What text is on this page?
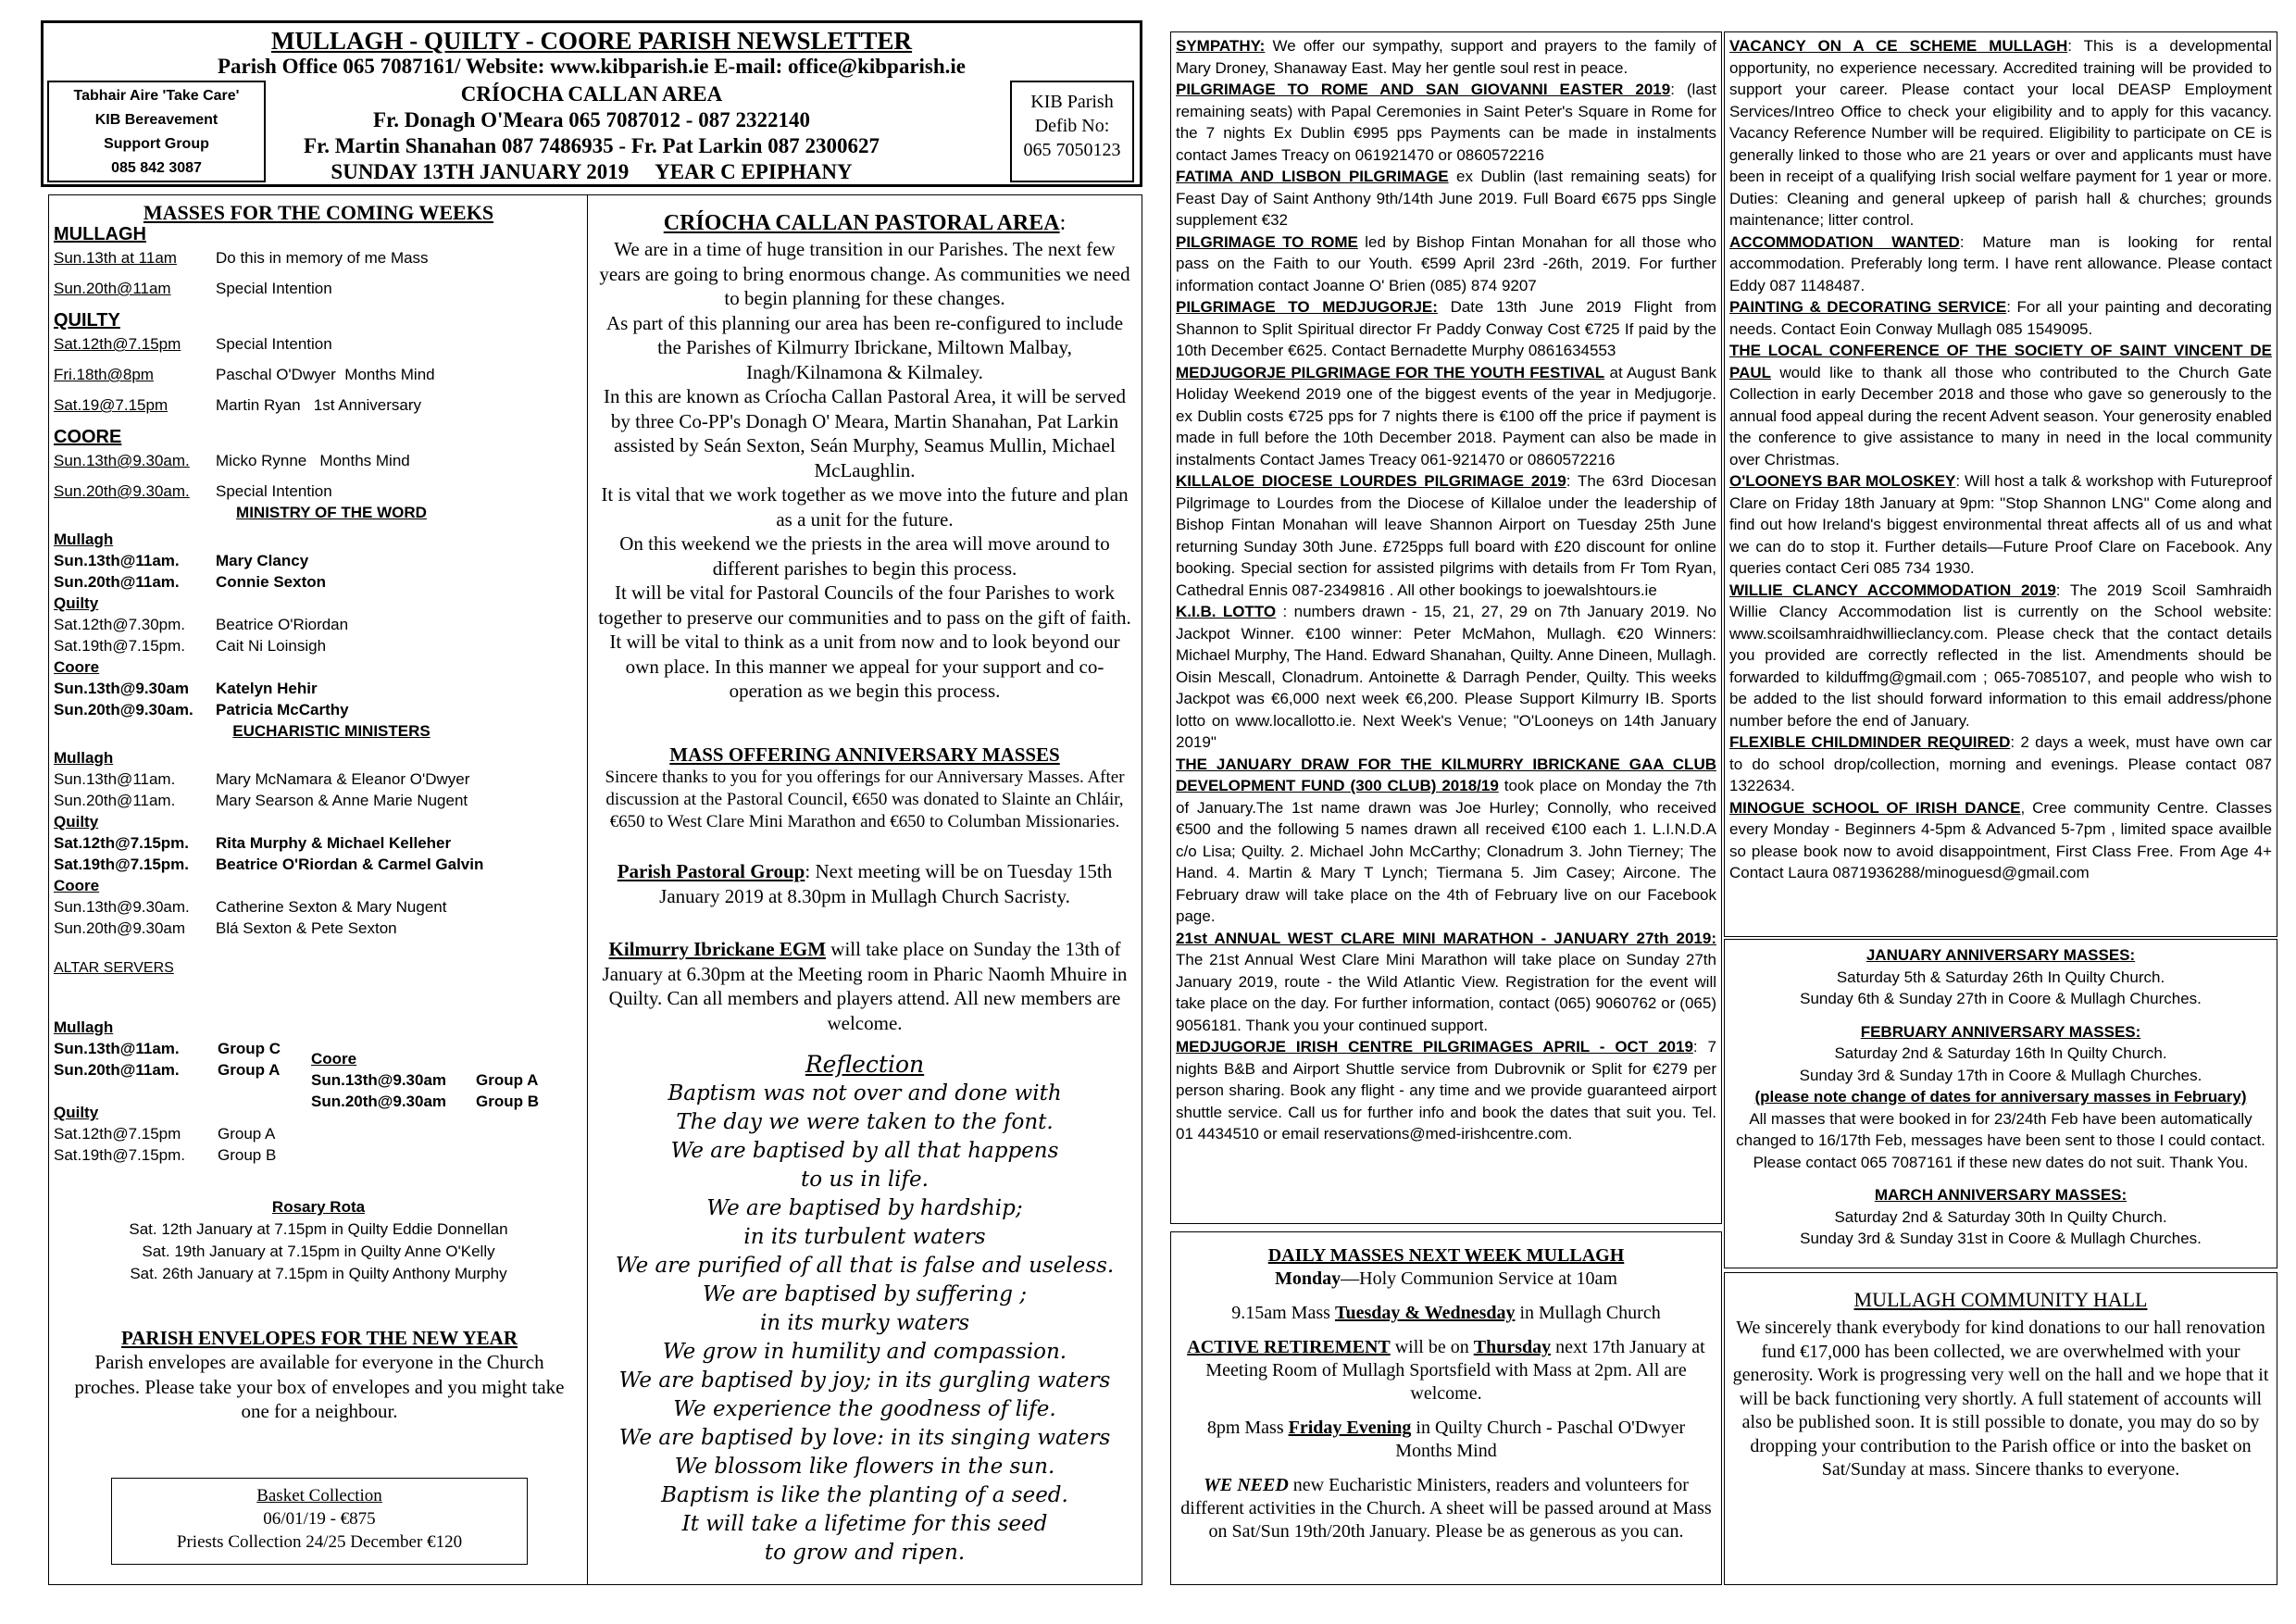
MULLAGH - QUILTY - COORE PARISH NEWSLETTER
Parish Office 065 7087161/ Website: www.kibparish.ie E-mail: office@kibparish.ie
CRÍOCHA CALLAN AREA
Fr. Donagh O'Meara 065 7087012 - 087 2322140
Fr. Martin Shanahan 087 7486935 - Fr. Pat Larkin 087 2300627
SUNDAY 13TH JANUARY 2019     YEAR C EPIPHANY
Tabhair Aire 'Take Care'
KIB Bereavement
Support Group
085 842 3087
KIB Parish
Defib No:
065 7050123
MASSES FOR THE COMING WEEKS
MULLAGH
Sun.13th at 11am	Do this in memory of me Mass
Sun.20th@11am	Special Intention
QUILTY
Sat.12th@7.15pm	Special Intention
Fri.18th@8pm	Paschal O'Dwyer  Months Mind
Sat.19@7.15pm	Martin Ryan   1st Anniversary
COORE
Sun.13th@9.30am.	Micko Rynne   Months Mind
Sun.20th@9.30am.	Special Intention
MINISTRY OF THE WORD
Mullagh
Sun.13th@11am.	Mary Clancy
Sun.20th@11am.	Connie Sexton
Quilty
Sat.12th@7.30pm.	Beatrice O'Riordan
Sat.19th@7.15pm.	Cait Ni Loinsigh
Coore
Sun.13th@9.30am	Katelyn Hehir
Sun.20th@9.30am.	Patricia McCarthy
EUCHARISTIC MINISTERS
Mullagh
Sun.13th@11am.	Mary McNamara & Eleanor O'Dwyer
Sun.20th@11am.	Mary Searson & Anne Marie Nugent
Quilty
Sat.12th@7.15pm.	Rita Murphy & Michael Kelleher
Sat.19th@7.15pm.	Beatrice O'Riordan & Carmel Galvin
Coore
Sun.13th@9.30am.	Catherine Sexton & Mary Nugent
Sun.20th@9.30am	Blá Sexton & Pete Sexton
ALTAR SERVERS
Mullagh
Sun.13th@11am.	Group C
Sun.20th@11am.	Group A
Quilty
Sat.12th@7.15pm	Group A
Sat.19th@7.15pm.	Group B
Coore
Sun.13th@9.30am	Group A
Sun.20th@9.30am	Group B
Rosary Rota
Sat. 12th January at 7.15pm in Quilty Eddie Donnellan
Sat. 19th January at 7.15pm in Quilty Anne O'Kelly
Sat. 26th January at 7.15pm in Quilty Anthony Murphy
PARISH ENVELOPES FOR THE NEW YEAR
Parish envelopes are available for everyone in the Church proches. Please take your box of envelopes and you might take one for a neighbour.
Basket Collection
06/01/19 - €875
Priests Collection 24/25 December €120
CRÍOCHA CALLAN PASTORAL AREA:
We are in a time of huge transition in our Parishes. The next few years are going to bring enormous change. As communities we need to begin planning for these changes.
As part of this planning our area has been re-configured to include the Parishes of Kilmurry Ibrickane, Miltown Malbay, Inagh/Kilnamona & Kilmaley.
In this are known as Críocha Callan Pastoral Area, it will be served by three Co-PP's Donagh O' Meara, Martin Shanahan, Pat Larkin assisted by Seán Sexton, Seán Murphy, Seamus Mullin, Michael McLaughlin.
It is vital that we work together as we move into the future and plan as a unit for the future.
On this weekend we the priests in the area will move around to different parishes to begin this process.
It will be vital for Pastoral Councils of the four Parishes to work together to preserve our communities and to pass on the gift of faith.
It will be vital to think as a unit from now and to look beyond our own place. In this manner we appeal for your support and co-operation as we begin this process.
MASS OFFERING ANNIVERSARY MASSES
Sincere thanks to you for you offerings for our Anniversary Masses. After discussion at the Pastoral Council, €650 was donated to Slainte an Chláir, €650 to West Clare Mini Marathon and €650 to Columban Missionaries.
Parish Pastoral Group: Next meeting will be on Tuesday 15th January 2019 at 8.30pm in Mullagh Church Sacristy.
Kilmurry Ibrickane EGM will take place on Sunday the 13th of January at 6.30pm at the Meeting room in Pharic Naomh Mhuire in Quilty. Can all members and players attend. All new members are welcome.
Reflection
Baptism was not over and done with
The day we were taken to the font.
We are baptised by all that happens
to us in life.
We are baptised by hardship;
in its turbulent waters
We are purified of all that is false and useless.
We are baptised by suffering ;
in its murky waters
We grow in humility and compassion.
We are baptised by joy; in its gurgling waters
We experience the goodness of life.
We are baptised by love: in its singing waters
We blossom like flowers in the sun.
Baptism is like the planting of a seed.
It will take a lifetime for this seed
to grow and ripen.
SYMPATHY: We offer our sympathy, support and prayers to the family of Mary Droney, Shanaway East. May her gentle soul rest in peace.
PILGRIMAGE TO ROME AND SAN GIOVANNI EASTER 2019: (last remaining seats) with Papal Ceremonies in Saint Peter's Square in Rome for the 7 nights Ex Dublin €995 pps Payments can be made in instalments contact James Treacy on 061921470 or 0860572216
FATIMA AND LISBON PILGRIMAGE ex Dublin (last remaining seats) for Feast Day of Saint Anthony 9th/14th June 2019. Full Board €675 pps Single supplement €32
PILGRIMAGE TO ROME led by Bishop Fintan Monahan for all those who pass on the Faith to our Youth. €599 April 23rd -26th, 2019. For further information contact Joanne O' Brien (085) 874 9207
PILGRIMAGE TO MEDJUGORJE: Date 13th June 2019 Flight from Shannon to Split Spiritual director Fr Paddy Conway Cost €725 If paid by the 10th December €625. Contact Bernadette Murphy 0861634553
MEDJUGORJE PILGRIMAGE FOR THE YOUTH FESTIVAL at August Bank Holiday Weekend 2019 one of the biggest events of the year in Medjugorje. ex Dublin costs €725 pps for 7 nights there is €100 off the price if payment is made in full before the 10th December 2018. Payment can also be made in instalments Contact James Treacy 061-921470 or 0860572216
KILLALOE DIOCESE LOURDES PILGRIMAGE 2019: The 63rd Diocesan Pilgrimage to Lourdes from the Diocese of Killaloe under the leadership of Bishop Fintan Monahan will leave Shannon Airport on Tuesday 25th June returning Sunday 30th June. £725pps full board with £20 discount for online booking. Special section for assisted pilgrims with details from Fr Tom Ryan, Cathedral Ennis 087-2349816 . All other bookings to joewalshtours.ie
K.I.B. LOTTO : numbers drawn - 15, 21, 27, 29 on 7th January 2019. No Jackpot Winner. €100 winner: Peter McMahon, Mullagh. €20 Winners: Michael Murphy, The Hand. Edward Shanahan, Quilty. Anne Dineen, Mullagh. Oisin Mescall, Clonadrum. Antoinette & Darragh Pender, Quilty. This weeks Jackpot was €6,000 next week €6,200. Please Support Kilmurry IB. Sports lotto on www.locallotto.ie. Next Week's Venue; "O'Looneys on 14th January 2019"
THE JANUARY DRAW FOR THE KILMURRY IBRICKANE GAA CLUB DEVELOPMENT FUND (300 CLUB) 2018/19 took place on Monday the 7th of January.The 1st name drawn was Joe Hurley; Connolly, who received €500 and the following 5 names drawn all received €100 each 1. L.I.N.D.A c/o Lisa; Quilty. 2. Michael John McCarthy; Clonadrum 3. John Tierney; The Hand. 4. Martin & Mary T Lynch; Tiermana 5. Jim Casey; Aircone. The February draw will take place on the 4th of February live on our Facebook page.
21st ANNUAL WEST CLARE MINI MARATHON - JANUARY 27th 2019: The 21st Annual West Clare Mini Marathon will take place on Sunday 27th January 2019, route - the Wild Atlantic View. Registration for the event will take place on the day. For further information, contact (065) 9060762 or (065) 9056181. Thank you your continued support.
MEDJUGORJE IRISH CENTRE PILGRIMAGES APRIL - OCT 2019: 7 nights B&B and Airport Shuttle service from Dubrovnik or Split for €279 per person sharing. Book any flight - any time and we provide guaranteed airport shuttle service. Call us for further info and book the dates that suit you. Tel. 01 4434510 or email reservations@med-irishcentre.com.
DAILY MASSES NEXT WEEK MULLAGH
Monday—Holy Communion Service at 10am
9.15am Mass Tuesday & Wednesday in Mullagh Church
ACTIVE RETIREMENT will be on Thursday next 17th January at Meeting Room of Mullagh Sportsfield with Mass at 2pm. All are welcome.
8pm Mass Friday Evening in Quilty Church - Paschal O'Dwyer Months Mind
WE NEED new Eucharistic Ministers, readers and volunteers for different activities in the Church. A sheet will be passed around at Mass on Sat/Sun 19th/20th January. Please be as generous as you can.
VACANCY ON A CE SCHEME MULLAGH: This is a developmental opportunity, no experience necessary. Accredited training will be provided to support your career. Please contact your local DEASP Employment Services/Intreo Office to check your eligibility and to apply for this vacancy. Vacancy Reference Number will be required. Eligibility to participate on CE is generally linked to those who are 21 years or over and applicants must have been in receipt of a qualifying Irish social welfare payment for 1 year or more. Duties: Cleaning and general upkeep of parish hall & churches; grounds maintenance; litter control.
ACCOMMODATION WANTED: Mature man is looking for rental accommodation. Preferably long term. I have rent allowance. Please contact Eddy 087 1148487.
PAINTING & DECORATING SERVICE: For all your painting and decorating needs. Contact Eoin Conway Mullagh 085 1549095.
THE LOCAL CONFERENCE OF THE SOCIETY OF SAINT VINCENT DE PAUL would like to thank all those who contributed to the Church Gate Collection in early December 2018 and those who gave so generously to the annual food appeal during the recent Advent season. Your generosity enabled the conference to give assistance to many in need in the local community over Christmas.
O'LOONEYS BAR MOLOSKEY: Will host a talk & workshop with Futureproof Clare on Friday 18th January at 9pm: "Stop Shannon LNG" Come along and find out how Ireland's biggest environmental threat affects all of us and what we can do to stop it. Further details—Future Proof Clare on Facebook. Any queries contact Ceri 085 734 1930.
WILLIE CLANCY ACCOMMODATION 2019: The 2019 Scoil Samhraidh Willie Clancy Accommodation list is currently on the School website: www.scoilsamhraidhwillieclancy.com. Please check that the contact details you provided are correctly reflected in the list. Amendments should be forwarded to kilduffmg@gmail.com ; 065-7085107, and people who wish to be added to the list should forward information to this email address/phone number before the end of January.
FLEXIBLE CHILDMINDER REQUIRED: 2 days a week, must have own car to do school drop/collection, morning and evenings. Please contact 087 1322634.
MINOGUE SCHOOL OF IRISH DANCE, Cree community Centre. Classes every Monday - Beginners 4-5pm & Advanced 5-7pm , limited space availble so please book now to avoid disappointment, First Class Free. From Age 4+ Contact Laura 0871936288/minoguesd@gmail.com
JANUARY ANNIVERSARY MASSES:
Saturday 5th & Saturday 26th In Quilty Church.
Sunday 6th & Sunday 27th in Coore & Mullagh Churches.
FEBRUARY ANNIVERSARY MASSES:
Saturday 2nd & Saturday 16th In Quilty Church.
Sunday 3rd & Sunday 17th in Coore & Mullagh Churches.
(please note change of dates for anniversary masses in February)
All masses that were booked in for 23/24th Feb have been automatically changed to 16/17th Feb, messages have been sent to those I could contact. Please contact 065 7087161 if these new dates do not suit. Thank You.
MARCH ANNIVERSARY MASSES:
Saturday 2nd & Saturday 30th In Quilty Church.
Sunday 3rd & Sunday 31st in Coore & Mullagh Churches.
MULLAGH COMMUNITY HALL
We sincerely thank everybody for kind donations to our hall renovation fund €17,000 has been collected, we are overwhelmed with your generosity. Work is progressing very well on the hall and we hope that it will be back functioning very shortly. A full statement of accounts will also be published soon. It is still possible to donate, you may do so by dropping your contribution to the Parish office or into the basket on Sat/Sunday at mass. Sincere thanks to everyone.
